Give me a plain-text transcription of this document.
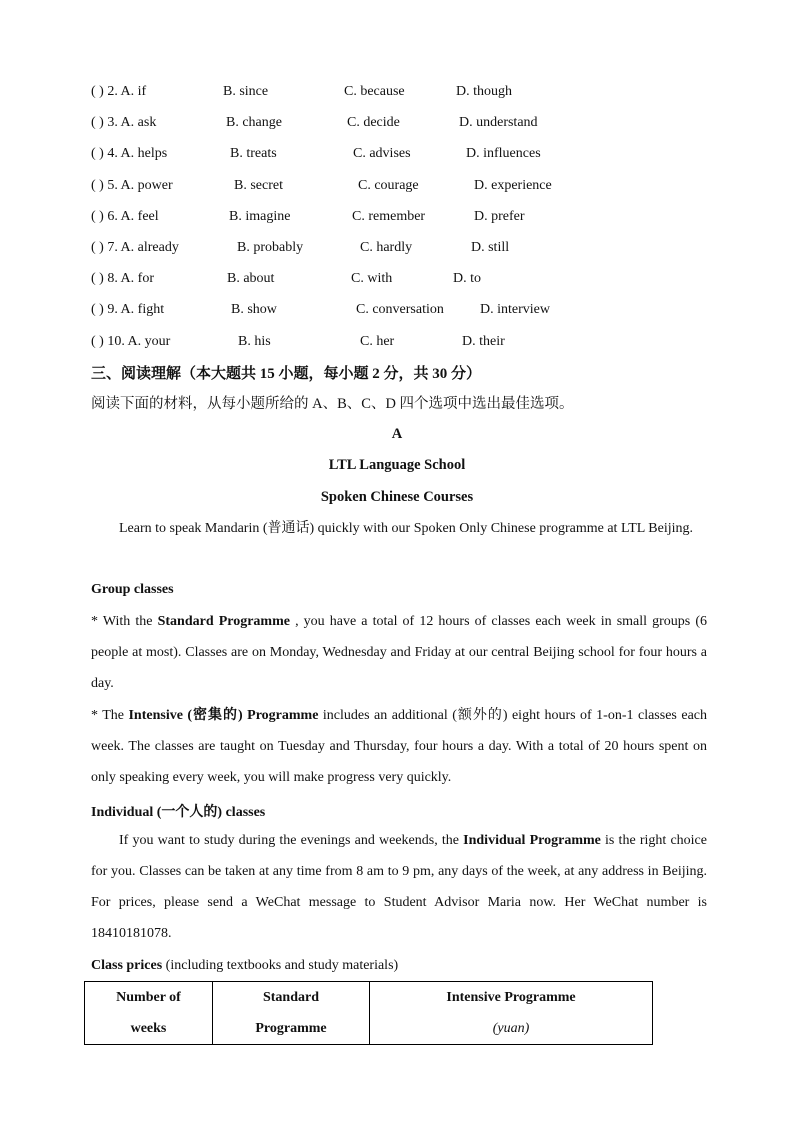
( ) 2. A. if	B. since	C. because	D. though
( ) 3. A. ask	B. change	C. decide	D. understand
( ) 4. A. helps	B. treats	C. advises	D. influences
( ) 5. A. power	B. secret	C. courage	D. experience
( ) 6. A. feel	B. imagine	C. remember	D. prefer
( ) 7. A. already	B. probably	C. hardly	D. still
( ) 8. A. for	B. about	C. with	D. to
( ) 9. A. fight	B. show	C. conversation	D. interview
( ) 10. A. your	B. his	C. her	D. their
三、阅读理解（本大题共 15 小题，每小题 2 分，共 30 分）
阅读下面的材料，从每小题所给的 A、B、C、D 四个选项中选出最佳选项。
A
LTL Language School
Spoken Chinese Courses
Learn to speak Mandarin (普通话) quickly with our Spoken Only Chinese programme at LTL Beijing.
Group classes
* With the Standard Programme , you have a total of 12 hours of classes each week in small groups (6 people at most). Classes are on Monday, Wednesday and Friday at our central Beijing school for four hours a day.
* The Intensive (密集的) Programme includes an additional (额外的) eight hours of 1-on-1 classes each week. The classes are taught on Tuesday and Thursday, four hours a day. With a total of 20 hours spent on only speaking every week, you will make progress very quickly.
Individual (一个人的) classes
If you want to study during the evenings and weekends, the Individual Programme is the right choice for you. Classes can be taken at any time from 8 am to 9 pm, any days of the week, at any address in Beijing. For prices, please send a WeChat message to Student Advisor Maria now. Her WeChat number is 18410181078.
Class prices (including textbooks and study materials)
Number of
weeks

Standard
Programme

Intensive Programme
(yuan)
